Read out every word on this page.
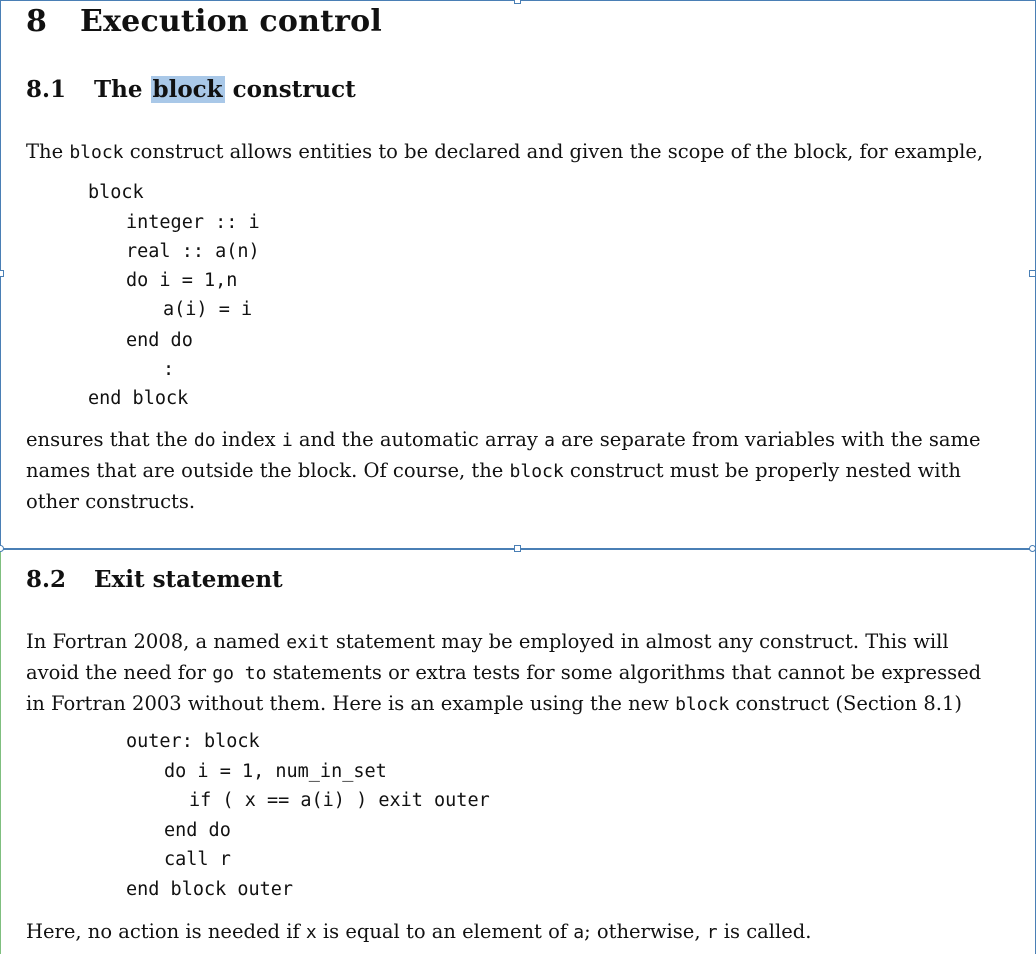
8 Execution control
8.1 The block construct
The block construct allows entities to be declared and given the scope of the block, for example,
block
integer :: i
real :: a(n)
do i = 1,n
a(i) = i
end do
:
end block
ensures that the do index i and the automatic array a are separate from variables with the same
names that are outside the block. Of course, the block construct must be properly nested with
other constructs.
8.2 Exit statement
In Fortran 2008, a named exit statement may be employed in almost any construct. This will
avoid the need for go to statements or extra tests for some algorithms that cannot be expressed
in Fortran 2003 without them. Here is an example using the new block construct (Section 8.1)
outer: block
do i = 1, num_in_set
if ( x == a(i) ) exit outer
end do
call r
end block outer
Here, no action is needed if x is equal to an element of a; otherwise, r is called.
